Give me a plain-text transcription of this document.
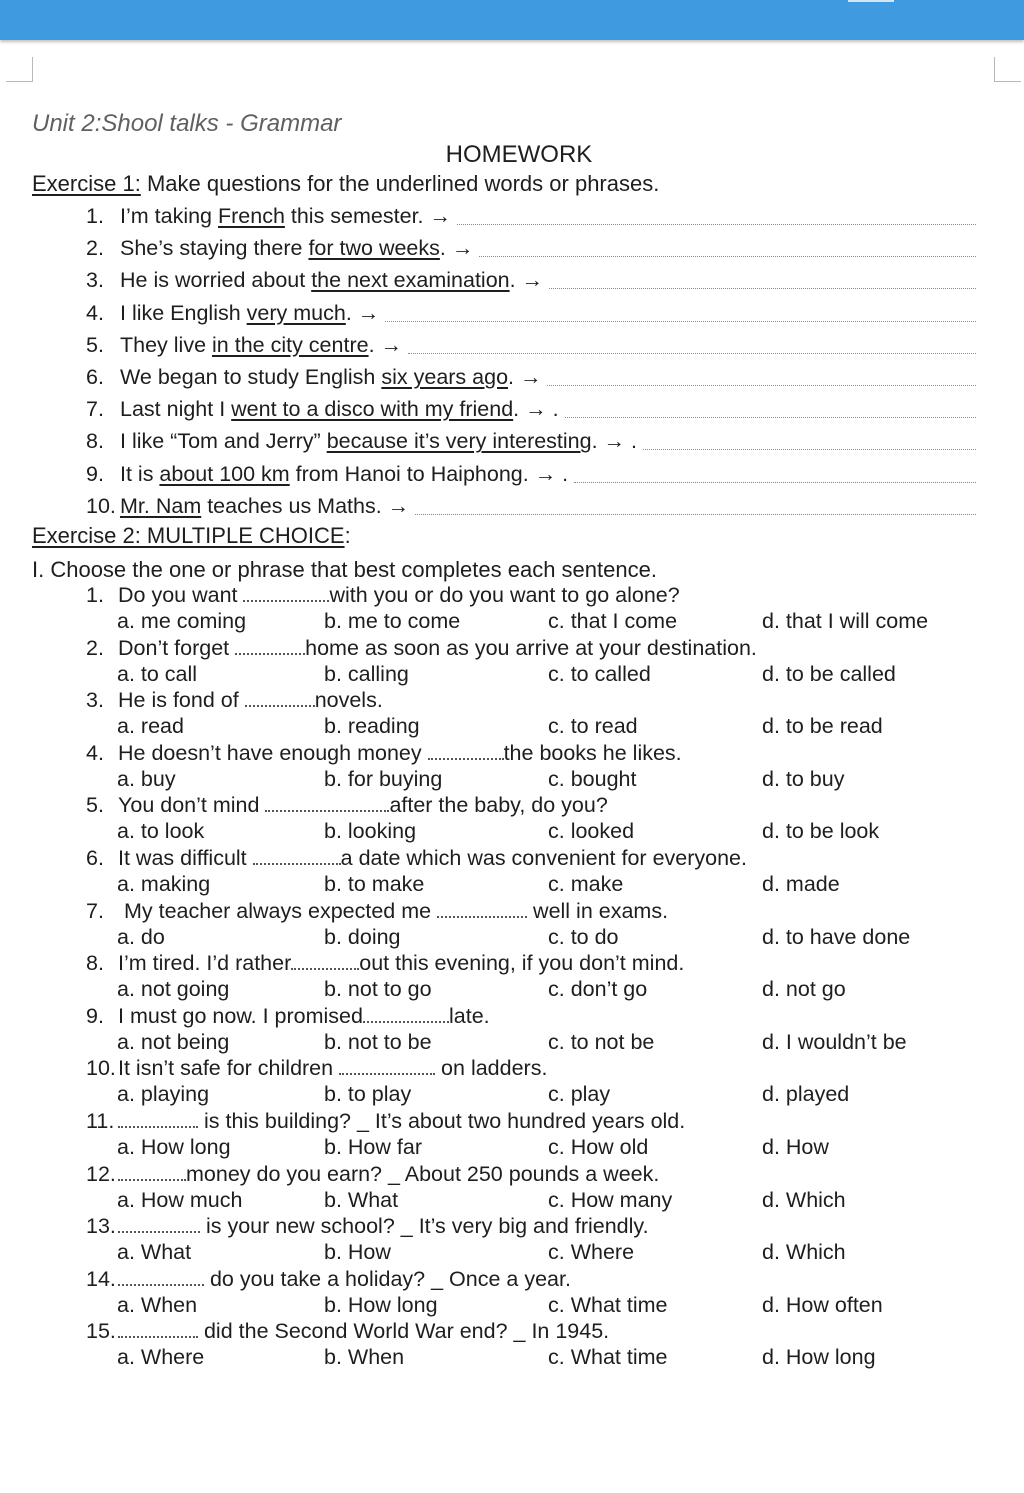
Unit 2:Shool talks - Grammar
HOMEWORK
Exercise 1: Make questions for the underlined words or phrases.
1. I’m taking French this semester. →
2. She’s staying there for two weeks. →
3. He is worried about the next examination. →
4. I like English very much. →
5. They live in the city centre. →
6. We began to study English six years ago. →
7. Last night I went to a disco with my friend. → .
8. I like “Tom and Jerry” because it’s very interesting. → .
9. It is about 100 km from Hanoi to Haiphong. → .
10. Mr. Nam teaches us Maths. →
Exercise 2: MULTIPLE CHOICE:
I. Choose the one or phrase that best completes each sentence.
1. Do you want	with you or do you want to go alone?
a. me coming	b. me to come	c. that I come	d. that I will come
2. Don’t forget	home as soon as you arrive at your destination.
a. to call	b. calling	c. to called	d. to be called
3. He is fond of	novels.
a. read	b. reading	c. to read	d. to be read
4. He doesn’t have enough money	the books he likes.
a. buy	b. for buying	c. bought	d. to buy
5. You don’t mind	after the baby, do you?
a. to look	b. looking	c. looked	d. to be look
6. It was difficult	a date which was convenient for everyone.
a. making	b. to make	c. make	d. made
7. My teacher always expected me	well in exams.
a. do	b. doing	c. to do	d. to have done
8. I’m tired. I’d rather	out this evening, if you don’t mind.
a. not going	b. not to go	c. don’t go	d. not go
9. I must go now. I promised	late.
a. not being	b. not to be	c. to not be	d. I wouldn’t be
10.It isn’t safe for children	on ladders.
a. playing	b. to play	c. play	d. played
11.	is this building? _ It’s about two hundred years old.
a. How long	b. How far	c. How old	d. How
12.	money do you earn? _ About 250 pounds a week.
a. How much	b. What	c. How many	d. Which
13.	is your new school? _ It’s very big and friendly.
a. What	b. How	c. Where	d. Which
14.	do you take a holiday? _ Once a year.
a. When	b. How long	c. What time	d. How often
15.	did the Second World War end? _ In 1945.
a. Where	b. When	c. What time	d. How long
